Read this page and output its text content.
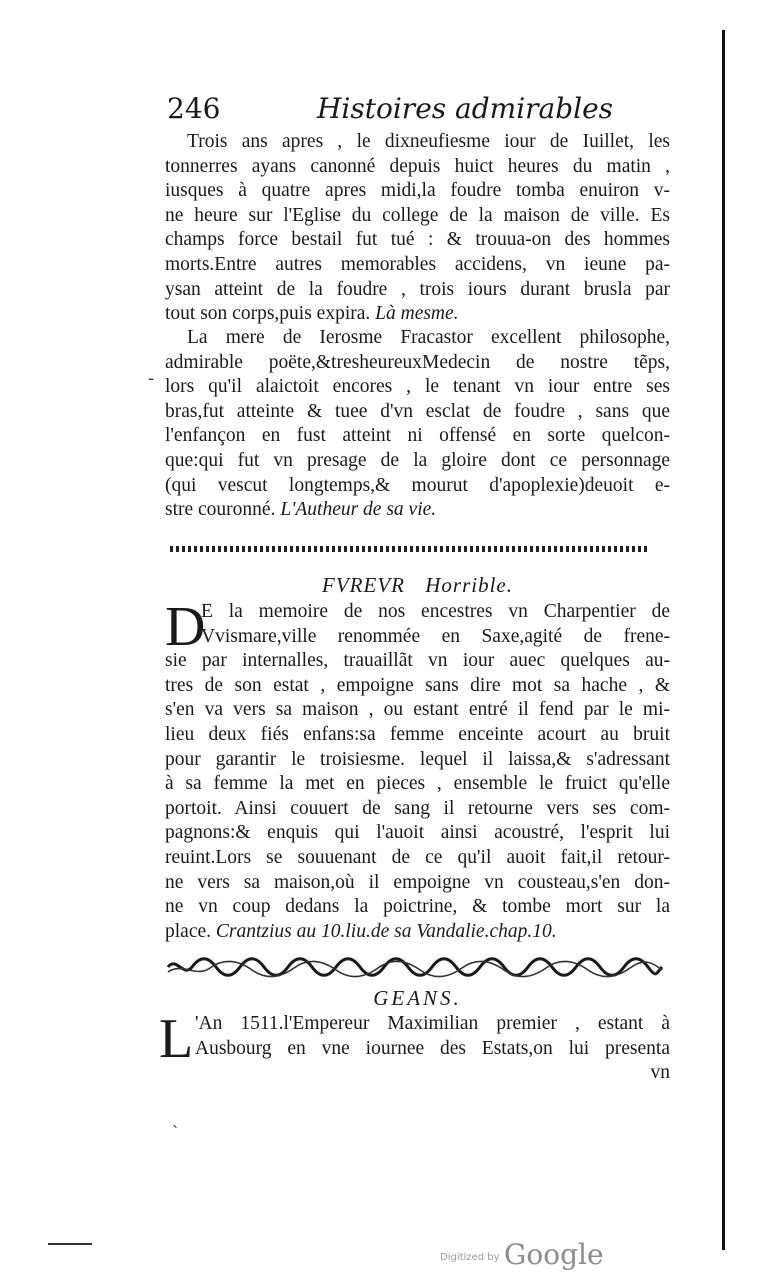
246	Histoires admirables
Trois ans apres , le dixneufiesme iour de Iuillet, les
tonnerres ayans canonné depuis huict heures du matin ,
iusques à quatre apres midi,la foudre tomba enuiron v-
ne heure sur l'Eglise du college de la maison de ville. Es
champs force bestail fut tué : & trouua-on des hommes
morts.Entre autres memorables accidens, vn ieune pa-
ysan atteint de la foudre , trois iours durant brusla par
tout son corps,puis expira. Là mesme.
La mere de Ierosme Fracastor excellent philosophe,
admirable poëte,&tresheureuxMedecin de nostre tẽps,
lors qu'il alaictoit encores , le tenant vn iour entre ses
bras,fut atteinte & tuee d'vn esclat de foudre , sans que
l'enfançon en fust atteint ni offensé en sorte quelcon-
que:qui fut vn presage de la gloire dont ce personnage
(qui vescut longtemps,& mourut d'apoplexie)deuoit e-
stre couronné. L'Autheur de sa vie.
FVREVR Horrible.
D
E la memoire de nos encestres vn Charpentier de
Vvismare,ville renommée en Saxe,agité de frene-
sie par internalles, trauaillãt vn iour auec quelques au-
tres de son estat , empoigne sans dire mot sa hache , &
s'en va vers sa maison , ou estant entré il fend par le mi-
lieu deux fiés enfans:sa femme enceinte acourt au bruit
pour garantir le troisiesme. lequel il laissa,& s'adressant
à sa femme la met en pieces , ensemble le fruict qu'elle
portoit. Ainsi couuert de sang il retourne vers ses com-
pagnons:& enquis qui l'auoit ainsi acoustré, l'esprit lui
reuint.Lors se souuenant de ce qu'il auoit fait,il retour-
ne vers sa maison,où il empoigne vn cousteau,s'en don-
ne vn coup dedans la poictrine, & tombe mort sur la
place. Crantzius au 10.liu.de sa Vandalie.chap.10.
GEANS.
L 'An 1511.l'Empereur Maximilian premier , estant à
Ausbourg en vne iournee des Estats,on lui presenta
vn
-
ˏ
Digitized by Google
